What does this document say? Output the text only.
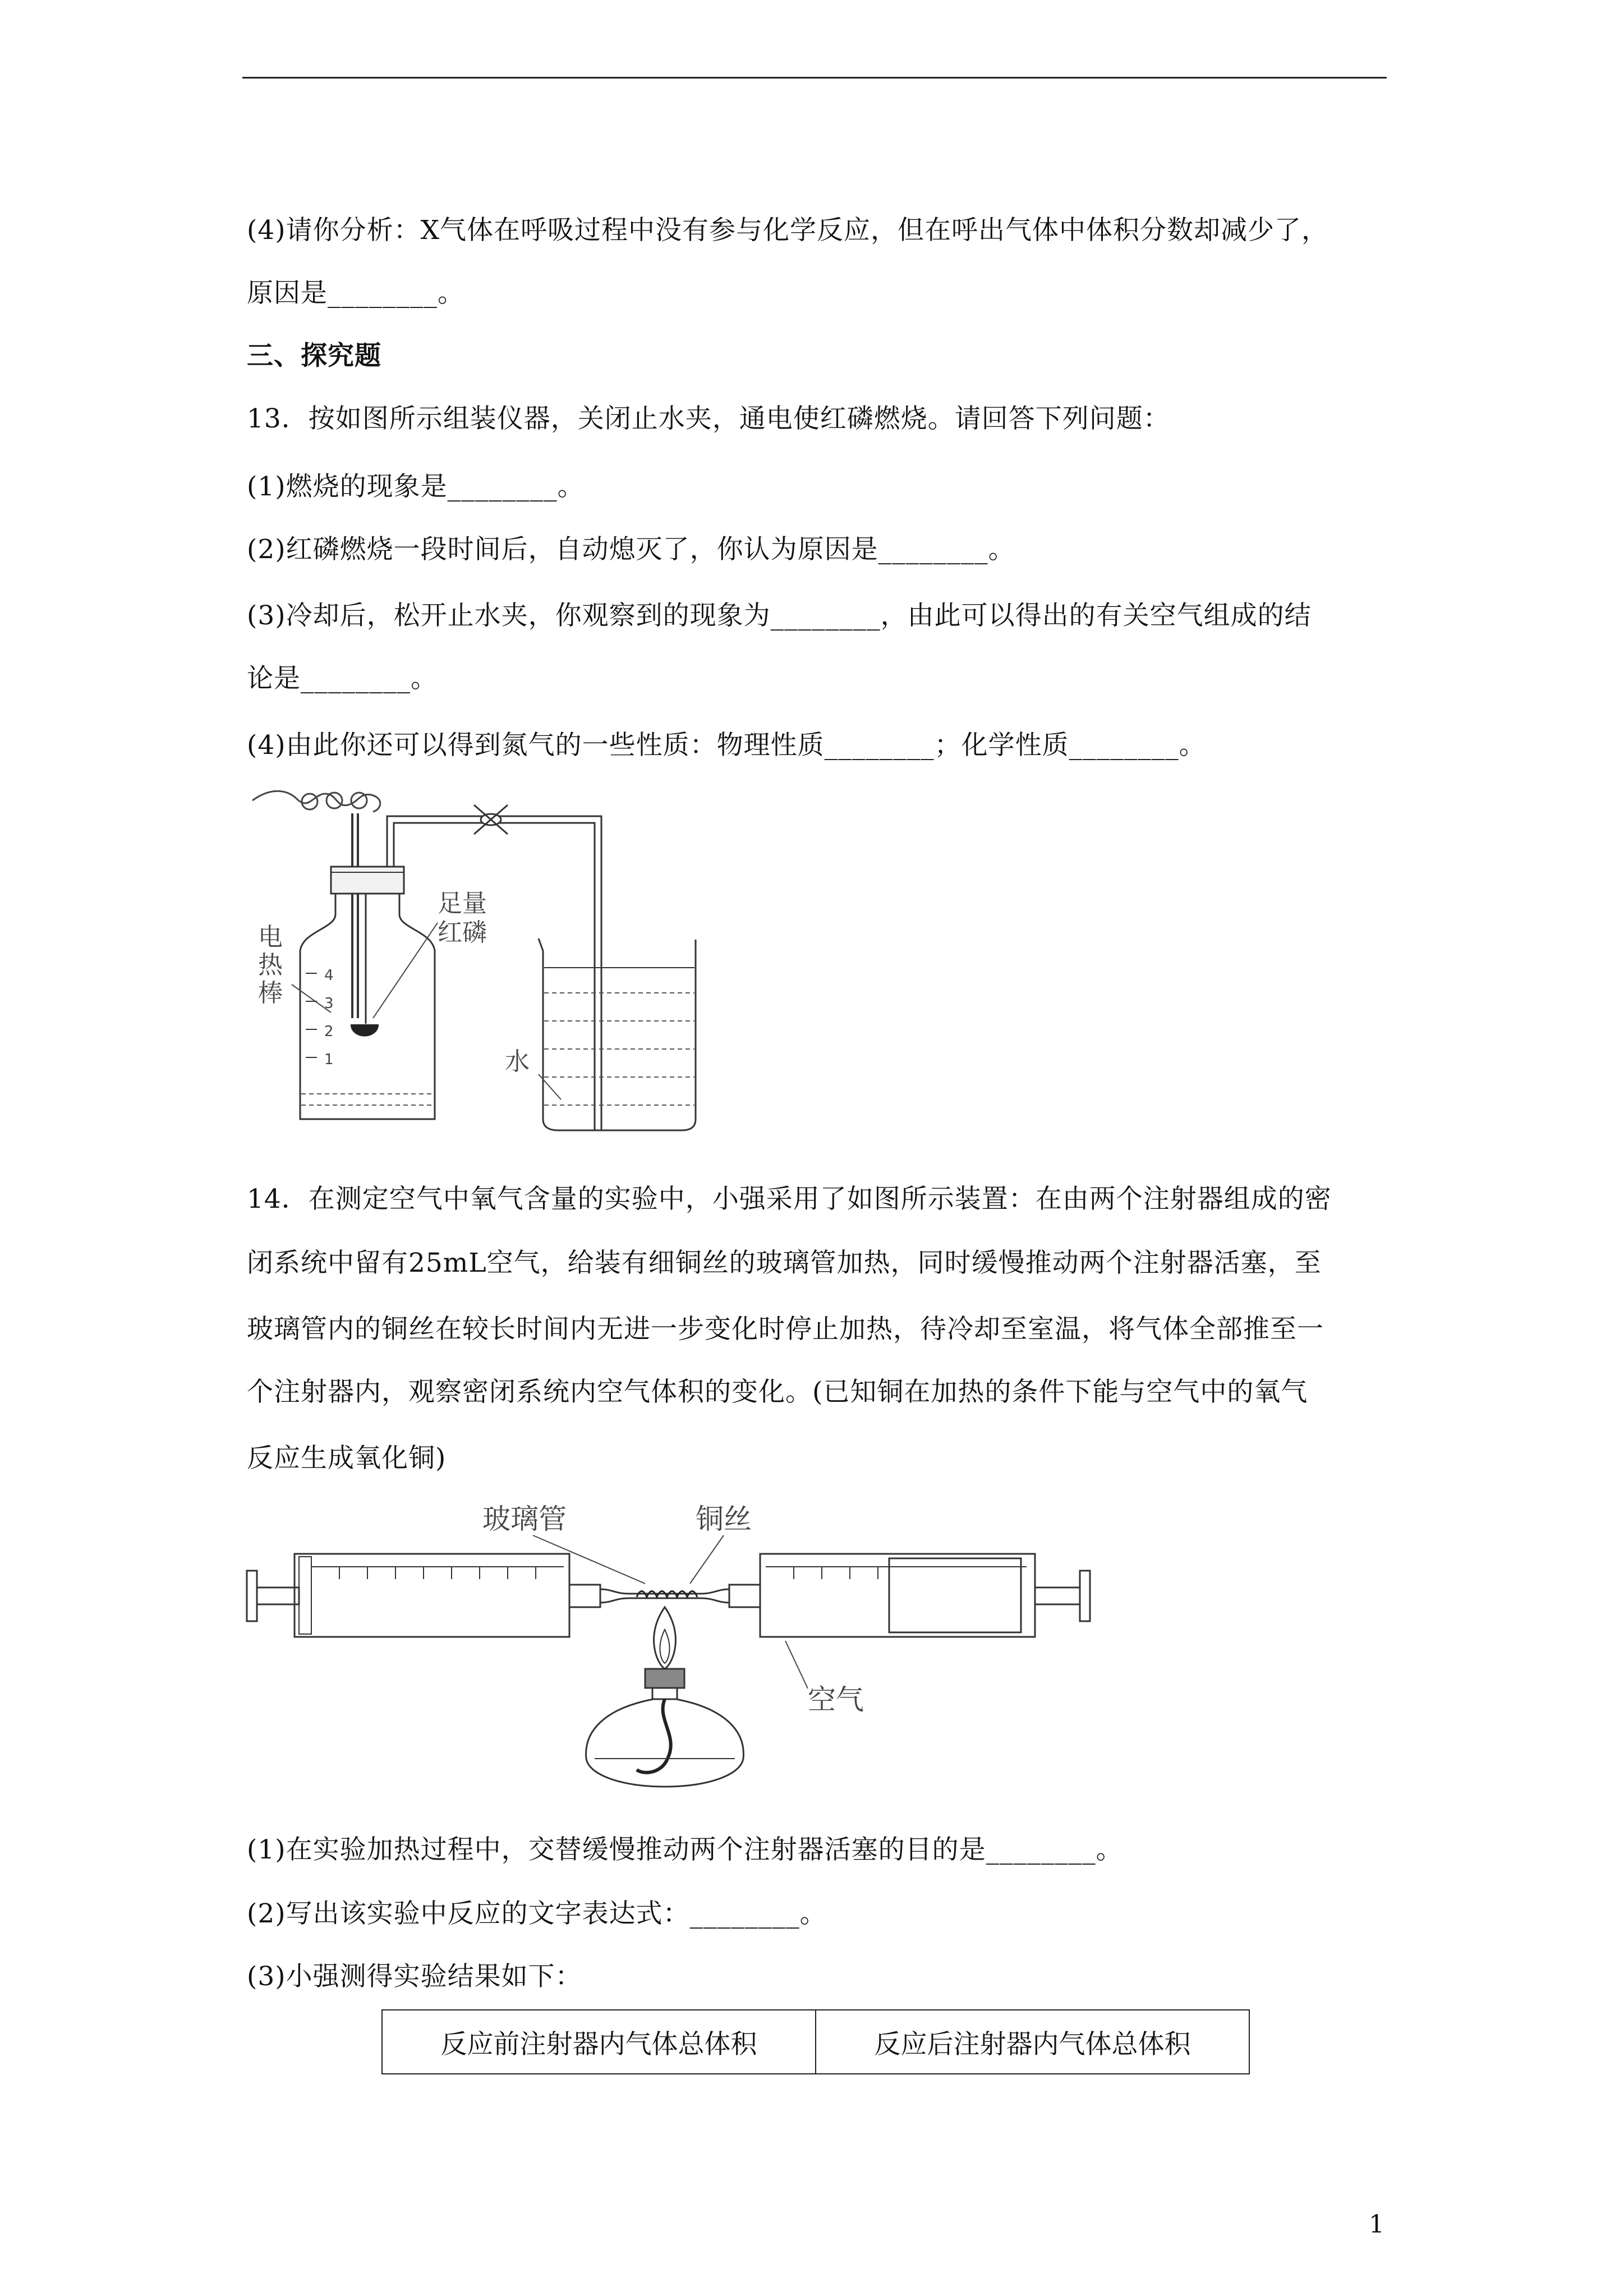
(4)请你分析：X气体在呼吸过程中没有参与化学反应，但在呼出气体中体积分数却减少了，
原因是________。
三、探究题
13．按如图所示组装仪器，关闭止水夹，通电使红磷燃烧。请回答下列问题：
(1)燃烧的现象是________。
(2)红磷燃烧一段时间后，自动熄灭了，你认为原因是________。
(3)冷却后，松开止水夹，你观察到的现象为________，由此可以得出的有关空气组成的结
论是________。
(4)由此你还可以得到氮气的一些性质：物理性质________；化学性质________。
4
3
2
1
电
热
棒
足量
红磷
水
14．在测定空气中氧气含量的实验中，小强采用了如图所示装置：在由两个注射器组成的密
闭系统中留有25mL空气，给装有细铜丝的玻璃管加热，同时缓慢推动两个注射器活塞，至
玻璃管内的铜丝在较长时间内无进一步变化时停止加热，待冷却至室温，将气体全部推至一
个注射器内，观察密闭系统内空气体积的变化。(已知铜在加热的条件下能与空气中的氧气
反应生成氧化铜)
玻璃管	铜丝
空气
(1)在实验加热过程中，交替缓慢推动两个注射器活塞的目的是________。
(2)写出该实验中反应的文字表达式：________。
(3)小强测得实验结果如下：
反应前注射器内气体总体积	反应后注射器内气体总体积
1
